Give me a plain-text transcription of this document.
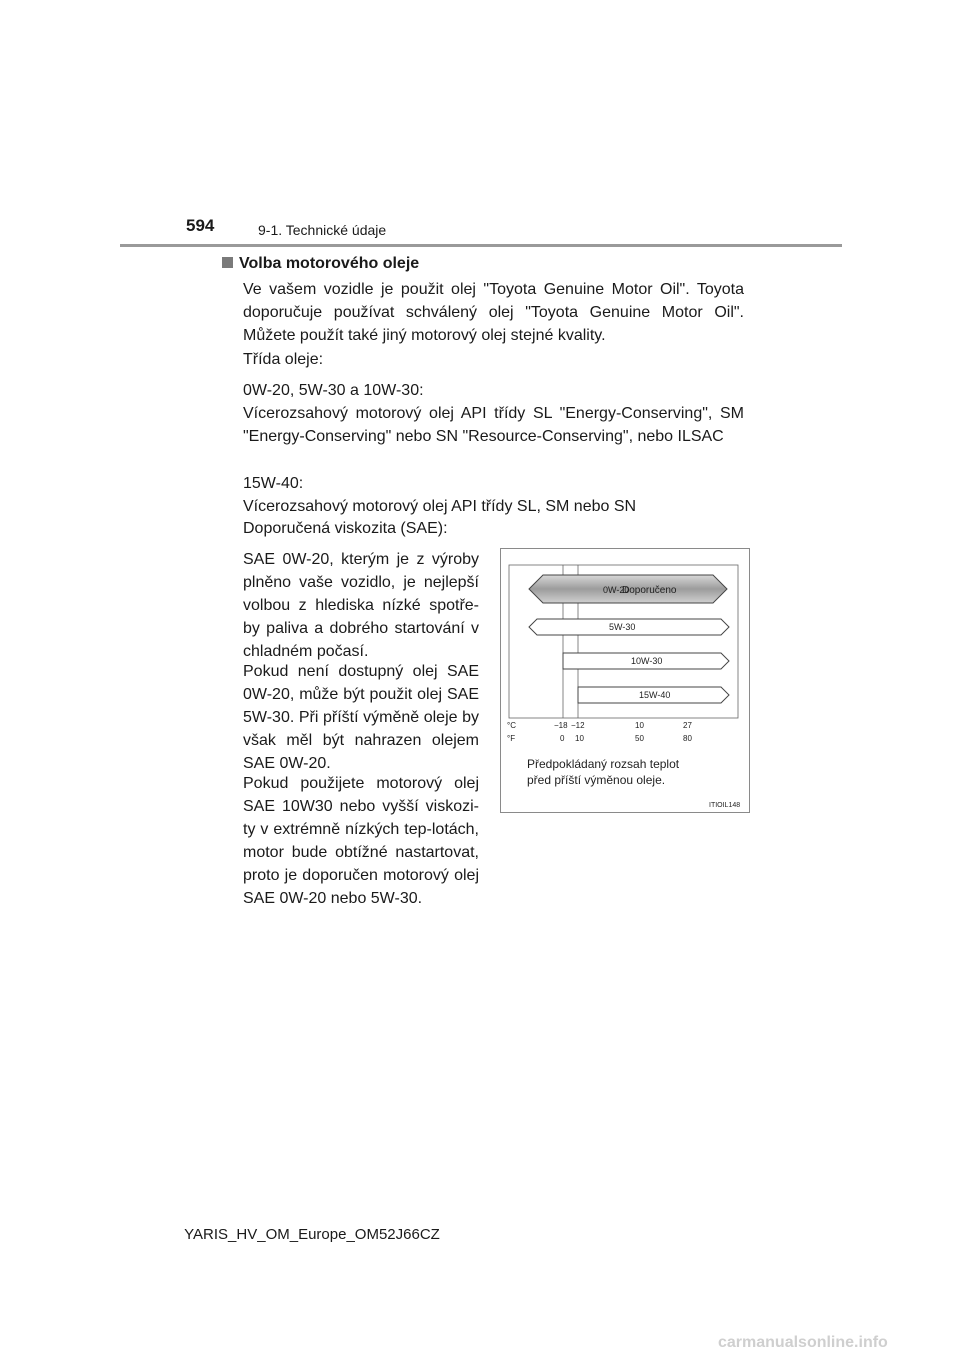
594	9-1. Technické údaje
Volba motorového oleje

Ve vašem vozidle je použit olej "Toyota Genuine Motor Oil". Toyota doporučuje používat schválený olej "Toyota Genuine Motor Oil". Můžete použít také jiný motorový olej stejné kvality.

Třída oleje:

0W-20, 5W-30 a 10W-30:
Vícerozsahový motorový olej API třídy SL "Energy-Conserving", SM "Energy-Conserving" nebo SN "Resource-Conserving", nebo ILSAC

15W-40:
Vícerozsahový motorový olej API třídy SL, SM nebo SN

Doporučená viskozita (SAE):

SAE 0W-20, kterým je z výroby plněno vaše vozidlo, je nejlepší volbou z hlediska nízké spotře-by paliva a dobrého startování v chladném počasí.

Pokud není dostupný olej SAE 0W-20, může být použit olej SAE 5W-30. Při příští výměně oleje by však měl být nahrazen olejem SAE 0W-20.

Pokud použijete motorový olej SAE 10W30 nebo vyšší viskozi-ty v extrémně nízkých tep-lotách, motor bude obtížné nastartovat, proto je doporučen motorový olej SAE 0W-20 nebo 5W-30.

0W-20
Doporučeno
5W-30
10W-30
15W-40
°C
°F
−18 −12	10	27
0 10	50	80
Předpokládaný rozsah teplot
před příští výměnou oleje.
ITIOIL148
YARIS_HV_OM_Europe_OM52J66CZ
carmanualsonline.info
